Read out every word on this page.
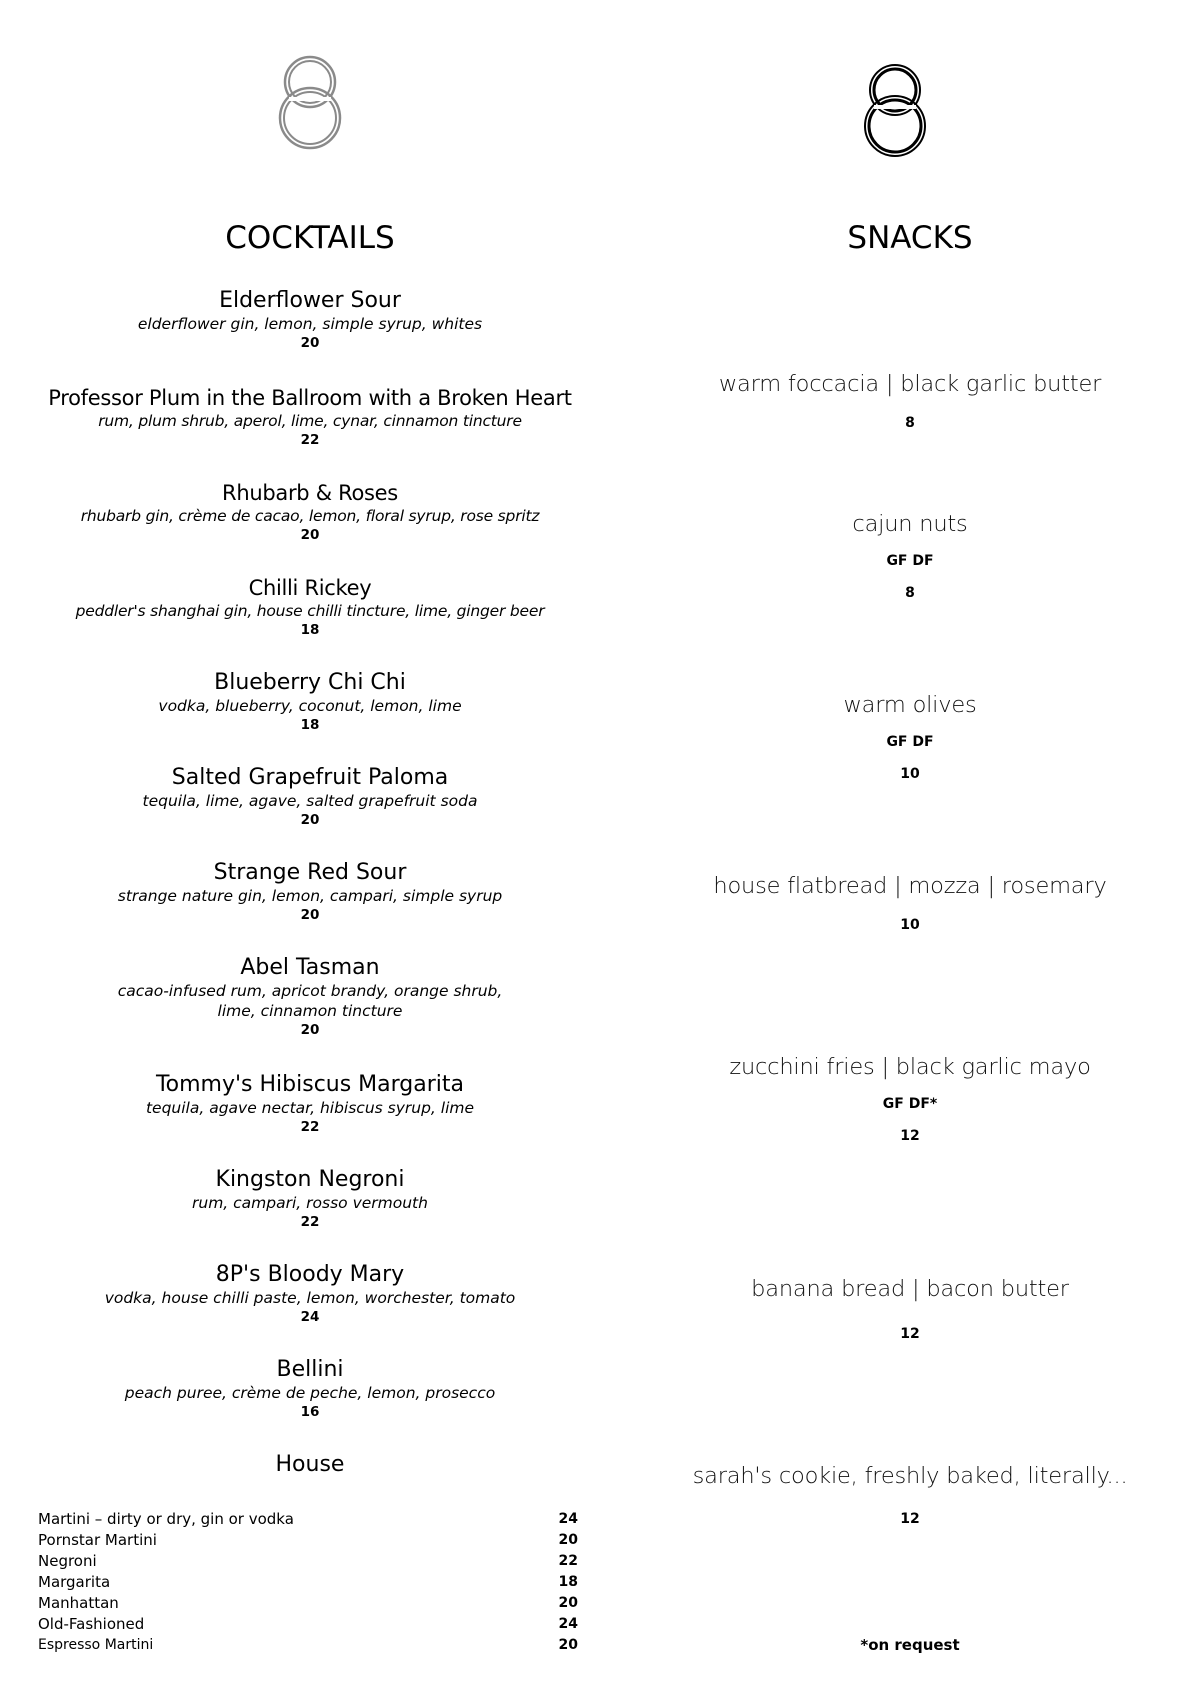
COCKTAILS
Elderflower Sour
elderflower gin, lemon, simple syrup, whites
20
Professor Plum in the Ballroom with a Broken Heart
rum, plum shrub, aperol, lime, cynar, cinnamon tincture
22
Rhubarb & Roses
rhubarb gin, crème de cacao, lemon, floral syrup, rose spritz
20
Chilli Rickey
peddler's shanghai gin, house chilli tincture, lime, ginger beer
18
Blueberry Chi Chi
vodka, blueberry, coconut, lemon, lime
18
Salted Grapefruit Paloma
tequila, lime, agave, salted grapefruit soda
20
Strange Red Sour
strange nature gin, lemon, campari, simple syrup
20
Abel Tasman
cacao-infused rum, apricot brandy, orange shrub,
lime, cinnamon tincture
20
Tommy's Hibiscus Margarita
tequila, agave nectar, hibiscus syrup, lime
22
Kingston Negroni
rum, campari, rosso vermouth
22
8P's Bloody Mary
vodka, house chilli paste, lemon, worchester, tomato
24
Bellini
peach puree, crème de peche, lemon, prosecco
16
House
Martini – dirty or dry, gin or vodka	24
Pornstar Martini	20
Negroni	22
Margarita	18
Manhattan	20
Old-Fashioned	24
Espresso Martini	20
SNACKS
warm foccacia | black garlic butter
8
cajun nuts
GF DF
8
warm olives
GF DF
10
house flatbread | mozza | rosemary
10
zucchini fries | black garlic mayo
GF DF*
12
banana bread | bacon butter
12
sarah's cookie, freshly baked, literally...
12
*on request
